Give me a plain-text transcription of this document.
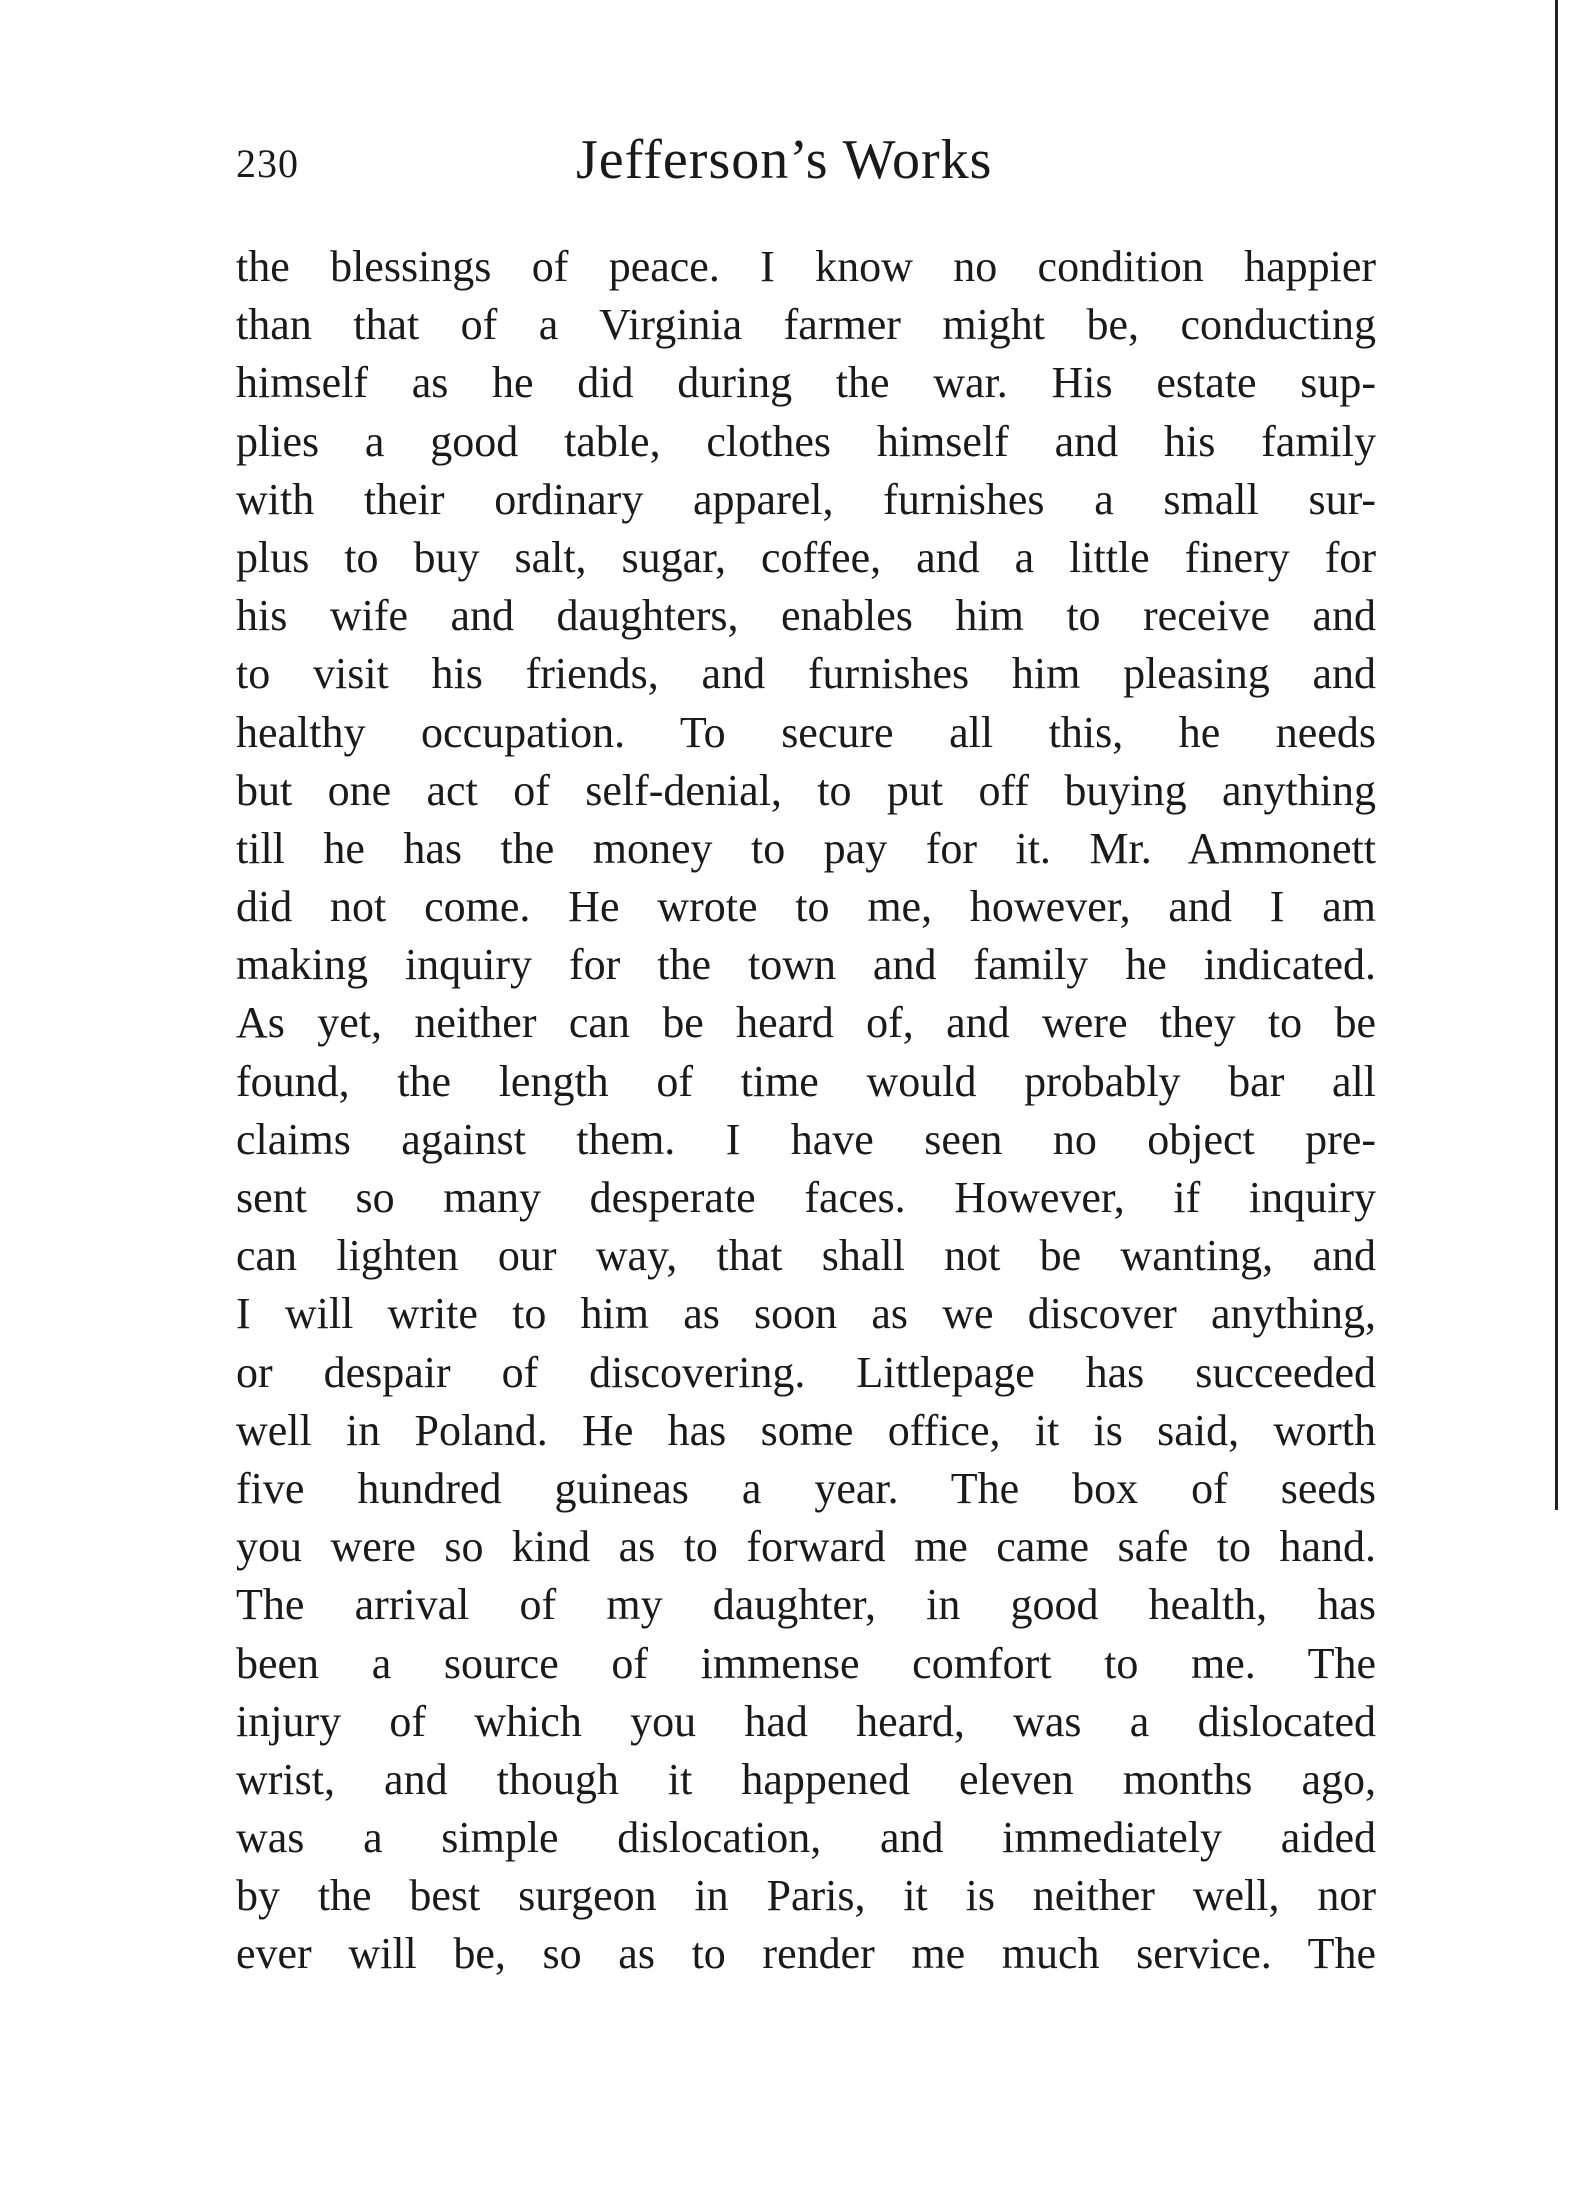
230	Jefferson’s Works
the blessings of peace. I know no condition happier
than that of a Virginia farmer might be, conducting
himself as he did during the war. His estate sup-
plies a good table, clothes himself and his family
with their ordinary apparel, furnishes a small sur-
plus to buy salt, sugar, coffee, and a little finery for
his wife and daughters, enables him to receive and
to visit his friends, and furnishes him pleasing and
healthy occupation. To secure all this, he needs
but one act of self-denial, to put off buying anything
till he has the money to pay for it. Mr. Ammonett
did not come. He wrote to me, however, and I am
making inquiry for the town and family he indicated.
As yet, neither can be heard of, and were they to be
found, the length of time would probably bar all
claims against them. I have seen no object pre-
sent so many desperate faces. However, if inquiry
can lighten our way, that shall not be wanting, and
I will write to him as soon as we discover anything,
or despair of discovering. Littlepage has succeeded
well in Poland. He has some office, it is said, worth
five hundred guineas a year. The box of seeds
you were so kind as to forward me came safe to hand.
The arrival of my daughter, in good health, has
been a source of immense comfort to me. The
injury of which you had heard, was a dislocated
wrist, and though it happened eleven months ago,
was a simple dislocation, and immediately aided
by the best surgeon in Paris, it is neither well, nor
ever will be, so as to render me much service. The
